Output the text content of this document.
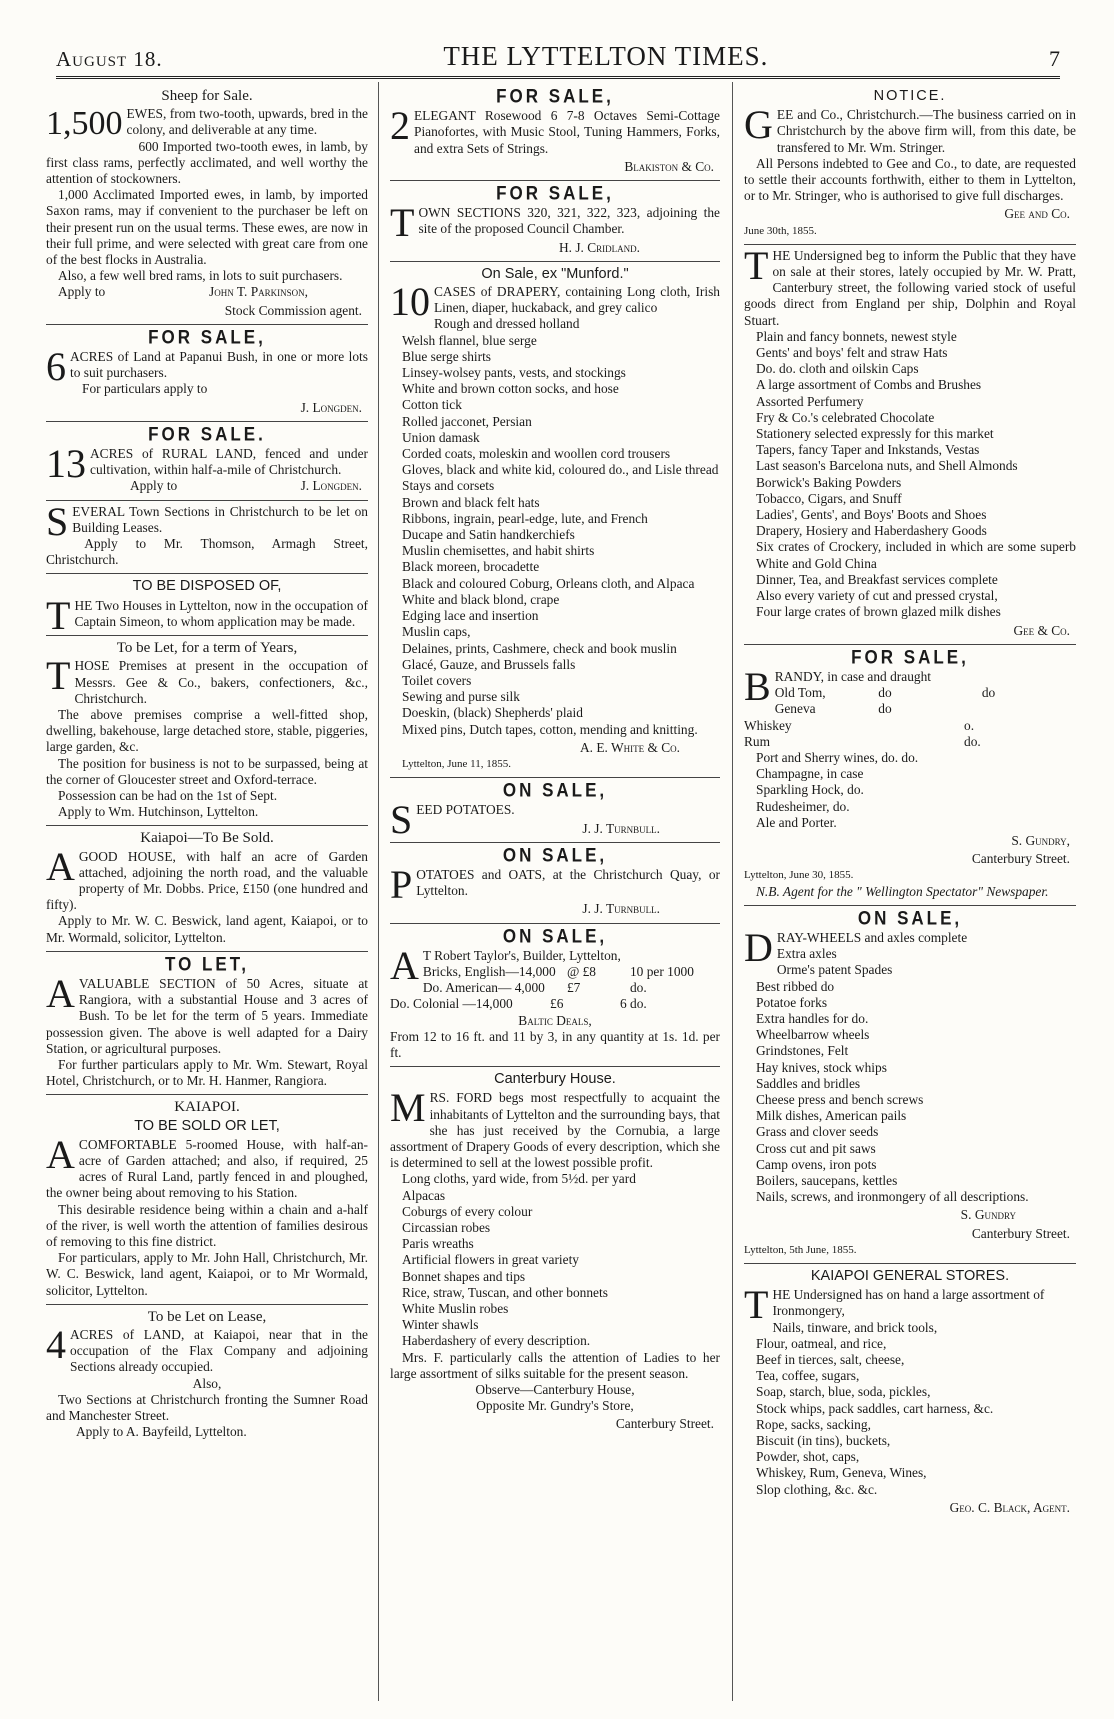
August 18.	THE LYTTELTON TIMES.	7
Sheep for Sale.

1,500 EWES, from two-tooth, upwards, bred in the colony, and deliverable at any time.

600 Imported two-tooth ewes, in lamb, by first class rams, perfectly acclimated, and well worthy the attention of stockowners.

1,000 Acclimated Imported ewes, in lamb, by imported Saxon rams, may if convenient to the purchaser be left on their present run on the usual terms. These ewes, are now in their full prime, and were selected with great care from one of the best flocks in Australia.

Also, a few well bred rams, in lots to suit purchasers.

Apply to	John T. Parkinson,

Stock Commission agent.
FOR SALE,

6 ACRES of Land at Papanui Bush, in one or more lots to suit purchasers.

For particulars apply to

J. Longden.
FOR SALE.

13 ACRES of RURAL LAND, fenced and under cultivation, within half-a-mile of Christchurch.

Apply to	J. Longden.

SEVERAL Town Sections in Christchurch to be let on Building Leases.

Apply to Mr. Thomson, Armagh Street, Christchurch.

TO BE DISPOSED OF,

THE Two Houses in Lyttelton, now in the occupation of Captain Simeon, to whom application may be made.

To be Let, for a term of Years,

THOSE Premises at present in the occupation of Messrs. Gee & Co., bakers, confectioners, &c., Christchurch.

The above premises comprise a well-fitted shop, dwelling, bakehouse, large detached store, stable, piggeries, large garden, &c.

The position for business is not to be surpassed, being at the corner of Gloucester street and Oxford-terrace.

Possession can be had on the 1st of Sept.

Apply to Wm. Hutchinson, Lyttelton.

Kaiapoi—To Be Sold.

AGOOD HOUSE, with half an acre of Garden attached, adjoining the north road, and the valuable property of Mr. Dobbs. Price, £150 (one hundred and fifty).

Apply to Mr. W. C. Beswick, land agent, Kaiapoi, or to Mr. Wormald, solicitor, Lyttelton.

TO LET,

AVALUABLE SECTION of 50 Acres, situate at Rangiora, with a substantial House and 3 acres of Bush. To be let for the term of 5 years. Immediate possession given. The above is well adapted for a Dairy Station, or agricultural purposes.

For further particulars apply to Mr. Wm. Stewart, Royal Hotel, Christchurch, or to Mr. H. Hanmer, Rangiora.

KAIAPOI.
TO BE SOLD OR LET,

ACOMFORTABLE 5-roomed House, with half-an-acre of Garden attached; and also, if required, 25 acres of Rural Land, partly fenced in and ploughed, the owner being about removing to his Station.

This desirable residence being within a chain and a-half of the river, is well worth the attention of families desirous of removing to this fine district.

For particulars, apply to Mr. John Hall, Christchurch, Mr. W. C. Beswick, land agent, Kaiapoi, or to Mr Wormald, solicitor, Lyttelton.

To be Let on Lease,

4 ACRES of LAND, at Kaiapoi, near that in the occupation of the Flax Company and adjoining Sections already occupied.

Also,

Two Sections at Christchurch fronting the Sumner Road and Manchester Street.

Apply to A. Bayfeild, Lyttelton.

FOR SALE,

2 ELEGANT Rosewood 6 7-8 Octaves Semi-Cottage Pianofortes, with Music Stool, Tuning Hammers, Forks, and extra Sets of Strings.

Blakiston & Co.
FOR SALE,

TOWN SECTIONS 320, 321, 322, 323, adjoining the site of the proposed Council Chamber.

H. J. Cridland.
On Sale, ex "Munford."

10 CASES of DRAPERY, containing Long cloth, Irish Linen, diaper, huckaback, and grey calico

Rough and dressed holland
Welsh flannel, blue serge
Blue serge shirts
Linsey-wolsey pants, vests, and stockings
White and brown cotton socks, and hose
Cotton tick
Rolled jacconet, Persian
Union damask
Corded coats, moleskin and woollen cord trousers
Gloves, black and white kid, coloured do., and Lisle thread
Stays and corsets
Brown and black felt hats
Ribbons, ingrain, pearl-edge, lute, and French
Ducape and Satin handkerchiefs
Muslin chemisettes, and habit shirts
Black moreen, brocadette
Black and coloured Coburg, Orleans cloth, and Alpaca
White and black blond, crape
Edging lace and insertion
Muslin caps,
Delaines, prints, Cashmere, check and book muslin
Glacé, Gauze, and Brussels falls
Toilet covers
Sewing and purse silk
Doeskin, (black) Shepherds' plaid
Mixed pins, Dutch tapes, cotton, mending and knitting.
A. E. White & Co.
Lyttelton, June 11, 1855.
ON SALE,

SEED POTATOES.

J. J. Turnbull.
ON SALE,

POTATOES and OATS, at the Christchurch Quay, or Lyttelton.

J. J. Turnbull.
ON SALE,

A T Robert Taylor's, Builder, Lyttelton,

Bricks, English—14,000 @ £8	10 per 1000
Do. American— 4,000	£7	do.
Do. Colonial —14,000	£6	6 do.
Baltic Deals,

From 12 to 16 ft. and 11 by 3, in any quantity at 1s. 1d. per ft.

Canterbury House.

MRS. FORD begs most respectfully to acquaint the inhabitants of Lyttelton and the surrounding bays, that she has just received by the Cornubia, a large assortment of Drapery Goods of every description, which she is determined to sell at the lowest possible profit.

Long cloths, yard wide, from 5½d. per yard
Alpacas
Coburgs of every colour
Circassian robes
Paris wreaths
Artificial flowers in great variety
Bonnet shapes and tips
Rice, straw, Tuscan, and other bonnets
White Muslin robes
Winter shawls
Haberdashery of every description.

Mrs. F. particularly calls the attention of Ladies to her large assortment of silks suitable for the present season.

Observe—Canterbury House,
Opposite Mr. Gundry's Store,
Canterbury Street.
NOTICE.

GEE and Co., Christchurch.—The business carried on in Christchurch by the above firm will, from this date, be transfered to Mr. Wm. Stringer.

All Persons indebted to Gee and Co., to date, are requested to settle their accounts forthwith, either to them in Lyttelton, or to Mr. Stringer, who is authorised to give full discharges.

Gee and Co.
June 30th, 1855.

THE Undersigned beg to inform the Public that they have on sale at their stores, lately occupied by Mr. W. Pratt, Canterbury street, the following varied stock of useful goods direct from England per ship, Dolphin and Royal Stuart.

Plain and fancy bonnets, newest style
Gents' and boys' felt and straw Hats
Do. do. cloth and oilskin Caps
A large assortment of Combs and Brushes
Assorted Perfumery
Fry & Co.'s celebrated Chocolate
Stationery selected expressly for this market
Tapers, fancy Taper and Inkstands, Vestas
Last season's Barcelona nuts, and Shell Almonds
Borwick's Baking Powders
Tobacco, Cigars, and Snuff
Ladies', Gents', and Boys' Boots and Shoes
Drapery, Hosiery and Haberdashery Goods
Six crates of Crockery, included in which are some superb White and Gold China
Dinner, Tea, and Breakfast services complete
Also every variety of cut and pressed crystal,
Four large crates of brown glazed milk dishes
Gee & Co.
FOR SALE,

BRANDY, in case and draught

Old Tom,	do	do
Geneva	do
Whiskey	o.
Rum	do.
Port and Sherry wines, do. do.
Champagne, in case
Sparkling Hock, do.
Rudesheimer, do.
Ale and Porter.
S. Gundry,
Canterbury Street.
Lyttelton, June 30, 1855.
N.B. Agent for the " Wellington Spectator" Newspaper.
ON SALE,

DRAY-WHEELS and axles complete

Extra axles
Orme's patent Spades
Best ribbed do
Potatoe forks
Extra handles for do.
Wheelbarrow wheels
Grindstones, Felt
Hay knives, stock whips
Saddles and bridles
Cheese press and bench screws
Milk dishes, American pails
Grass and clover seeds
Cross cut and pit saws
Camp ovens, iron pots
Boilers, saucepans, kettles
Nails, screws, and ironmongery of all descriptions.
S. Gundry
Canterbury Street.
Lyttelton, 5th June, 1855.
KAIAPOI GENERAL STORES.

THE Undersigned has on hand a large assortment of

Ironmongery,
Nails, tinware, and brick tools,
Flour, oatmeal, and rice,
Beef in tierces, salt, cheese,
Tea, coffee, sugars,
Soap, starch, blue, soda, pickles,
Stock whips, pack saddles, cart harness, &c.
Rope, sacks, sacking,
Biscuit (in tins), buckets,
Powder, shot, caps,
Whiskey, Rum, Geneva, Wines,
Slop clothing, &c. &c.
Geo. C. Black, Agent.
